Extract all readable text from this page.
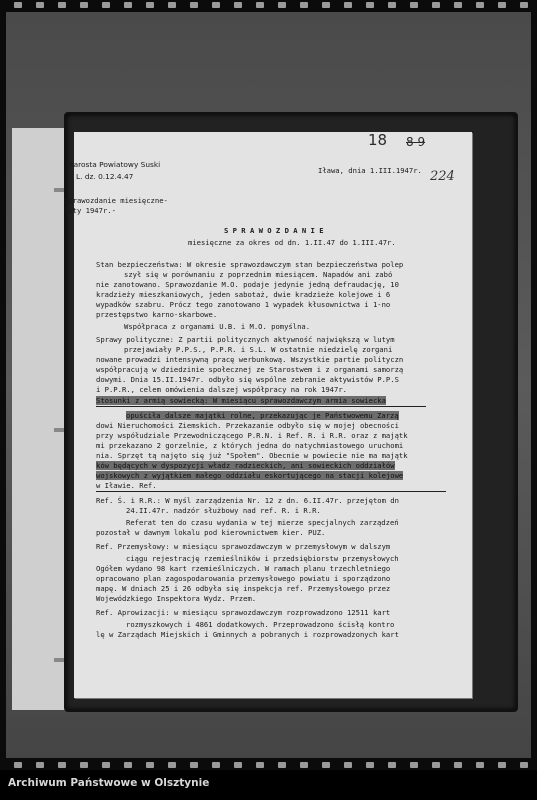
18 8 9
224
Starosta Powiatowy Suski
L. dz. 0.12.4.47
Iława, dnia 1.III.1947r.
Sprawozdanie miesięczne-
luty 1947r.-
S P R A W O Z D A N I E
miesięczne za okres od dn. 1.II.47 do 1.III.47r.
Stan bezpieczeństwa: W okresie sprawozdawczym stan bezpieczeństwa polep
szył się w porównaniu z poprzednim miesiącem. Napadów ani zabó
nie zanotowano. Sprawozdanie M.O. podaje jedynie jedną defraudację, 10
kradzieży mieszkaniowych, jeden sabotaż, dwie kradzieże kolejowe i 6
wypadków szabru. Prócz tego zanotowano 1 wypadek kłusownictwa i 1-no
przestępstwo karno-skarbowe.
Współpraca z organami U.B. i M.O. pomyślna.
Sprawy polityczne: Z partii politycznych aktywność największą w lutym
przejawiały P.P.S., P.P.R. i S.L. W ostatnie niedzielę zorgani
nowane prowadzi intensywną pracę werbunkową. Wszystkie partie polityczn
współpracują w dziedzinie społecznej ze Starostwem i z organami samorzą
dowymi. Dnia 15.II.1947r. odbyło się wspólne zebranie aktywistów P.P.S
i P.P.R., celem omówienia dalszej współpracy na rok 1947r.
Stosunki z armią sowiecką: W miesiącu sprawozdawczym armia sowiecka
opuściła dalsze majątki rolne, przekazując je Państwowemu Zarzą
dowi Nieruchomości Ziemskich. Przekazanie odbyło się w mojej obecności
przy współudziale Przewodniczącego P.R.N. i Ref. R. i R.R. oraz z majątk
mi przekazano 2 gorzelnie, z których jedna do natychmiastowego uruchomi
nia. Sprzęt tą najęto się już "Społem". Obecnie w powiecie nie ma majątk
ków będących w dyspozycji władz radzieckich, ani sowieckich oddziałów
wojskowych z wyjątkiem małego oddziału eskortującego na stacji kolejowe
w Iławie. Ref.
Ref. Ś. i R.R.: W myśl zarządzenia Nr. 12 z dn. 6.II.47r. przejętom dn
24.II.47r. nadzór służbowy nad ref. R. i R.R.
Referat ten do czasu wydania w tej mierze specjalnych zarządzeń
pozostał w dawnym lokalu pod kierownictwem kier. PUZ.
Ref. Przemysłowy: w miesiącu sprawozdawczym w przemysłowym w dalszym
ciągu rejestrację rzemieślników i przedsiębiorstw przemysłowych
Ogółem wydano 98 kart rzemieślniczych. W ramach planu trzechletniego
opracowano plan zagospodarowania przemysłowego powiatu i sporządzono
mapę. W dniach 25 i 26 odbyła się inspekcja ref. Przemysłowego przez
Wojewódzkiego Inspektora Wydz. Przem.
Ref. Aprowizacji: w miesiącu sprawozdawczym rozprowadzono 12511 kart
rozmyszkowych i 4861 dodatkowych. Przeprowadzono ścisłą kontro
lę w Zarządach Miejskich i Gminnych a pobranych i rozprowadzonych kart
Archiwum Państwowe w Olsztynie
